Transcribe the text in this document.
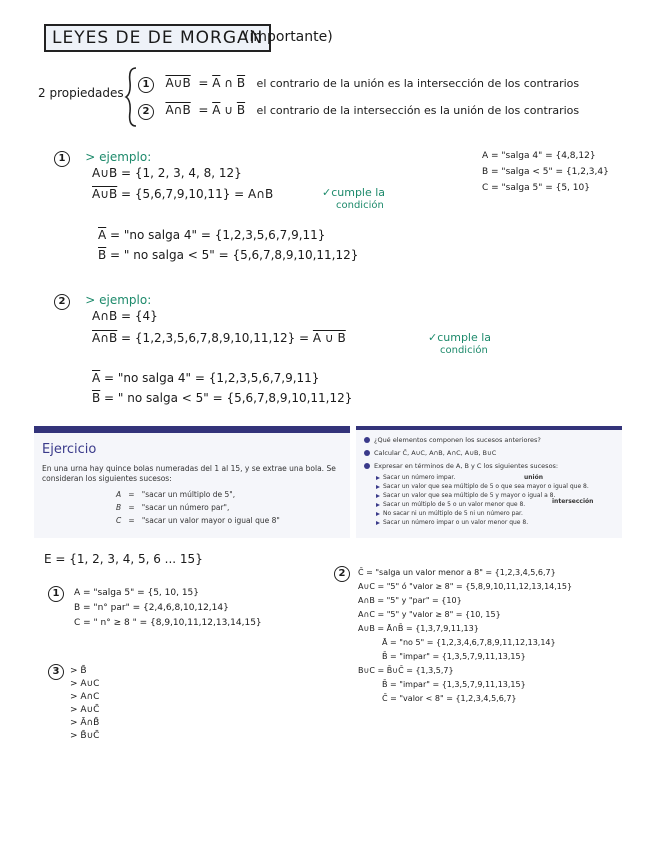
LEYES DE DE MORGAN
(importante)
2 propiedades
1 A∪B  = $\overline{A}$ ∩ $\overline{B}$ el contrario de la unión es la intersección de los contrarios
2 A∩B  = $\overline{A}$ ∪ $\overline{B}$ el contrario de la intersección es la unión de los contrarios
1 > ejemplo:
A∪B = {1, 2, 3, 4, 8, 12}
A∪B = {5,6,7,9,10,11} = A∩B	✓cumple la
condición
$\overline{A}$ = "no salga 4" = {1,2,3,5,6,7,9,11}
$\overline{B}$ = " no salga < 5" = {5,6,7,8,9,10,11,12}
A = "salga 4" = {4,8,12}
B = "salga < 5" = {1,2,3,4}
C = "salga 5" = {5, 10}
2 > ejemplo:
A∩B = {4}
A∩B = {1,2,3,5,6,7,8,9,10,11,12} = A ∪ B	✓cumple la
condición
$\overline{A}$ = "no salga 4" = {1,2,3,5,6,7,9,11}
$\overline{B}$ = " no salga < 5" = {5,6,7,8,9,10,11,12}
Ejercicio
En una urna hay quince bolas numeradas del 1 al 15, y se extrae una bola. Se
consideran los siguientes sucesos:
A = "sacar un múltiplo de 5",
B = "sacar un número par",
C = "sacar un valor mayor o igual que 8"
¿Qué elementos componen los sucesos anteriores?
Calcular C̄, A∪C, A∩B, A∩C, A∪B, B∪C
Expresar en términos de A, B y C los siguientes sucesos:
Sacar un número impar.
Sacar un valor que sea múltiplo de 5 o que sea mayor o igual que 8.
Sacar un valor que sea múltiplo de 5 y mayor o igual a 8.
Sacar un múltiplo de 5 o un valor menor que 8.
No sacar ni un múltiplo de 5 ni un número par.
Sacar un número impar o un valor menor que 8.
unión
intersección
E = {1, 2, 3, 4, 5, 6 ... 15}
1	A = "salga 5" = {5, 10, 15}
B = "n° par" = {2,4,6,8,10,12,14}
C = " n° ≥ 8 " = {8,9,10,11,12,13,14,15}
3	> B̄
> A∪C
> A∩C
> A∪C̄
> Ā∩B̄
> B̄∪C̄
2	C̄ = "salga un valor menor a 8" = {1,2,3,4,5,6,7}
A∪C = "5" ó "valor ≥ 8" = {5,8,9,10,11,12,13,14,15}
A∩B = "5" y "par" = {10}
A∩C = "5" y "valor ≥ 8" = {10, 15}
A∪B = Ā∩B̄ = {1,3,7,9,11,13}
Ā = "no 5" = {1,2,3,4,6,7,8,9,11,12,13,14}
B̄ = "impar" = {1,3,5,7,9,11,13,15}
B∪C = B̄∪C̄ = {1,3,5,7}
B̄ = "impar" = {1,3,5,7,9,11,13,15}
C̄ = "valor < 8" = {1,2,3,4,5,6,7}
